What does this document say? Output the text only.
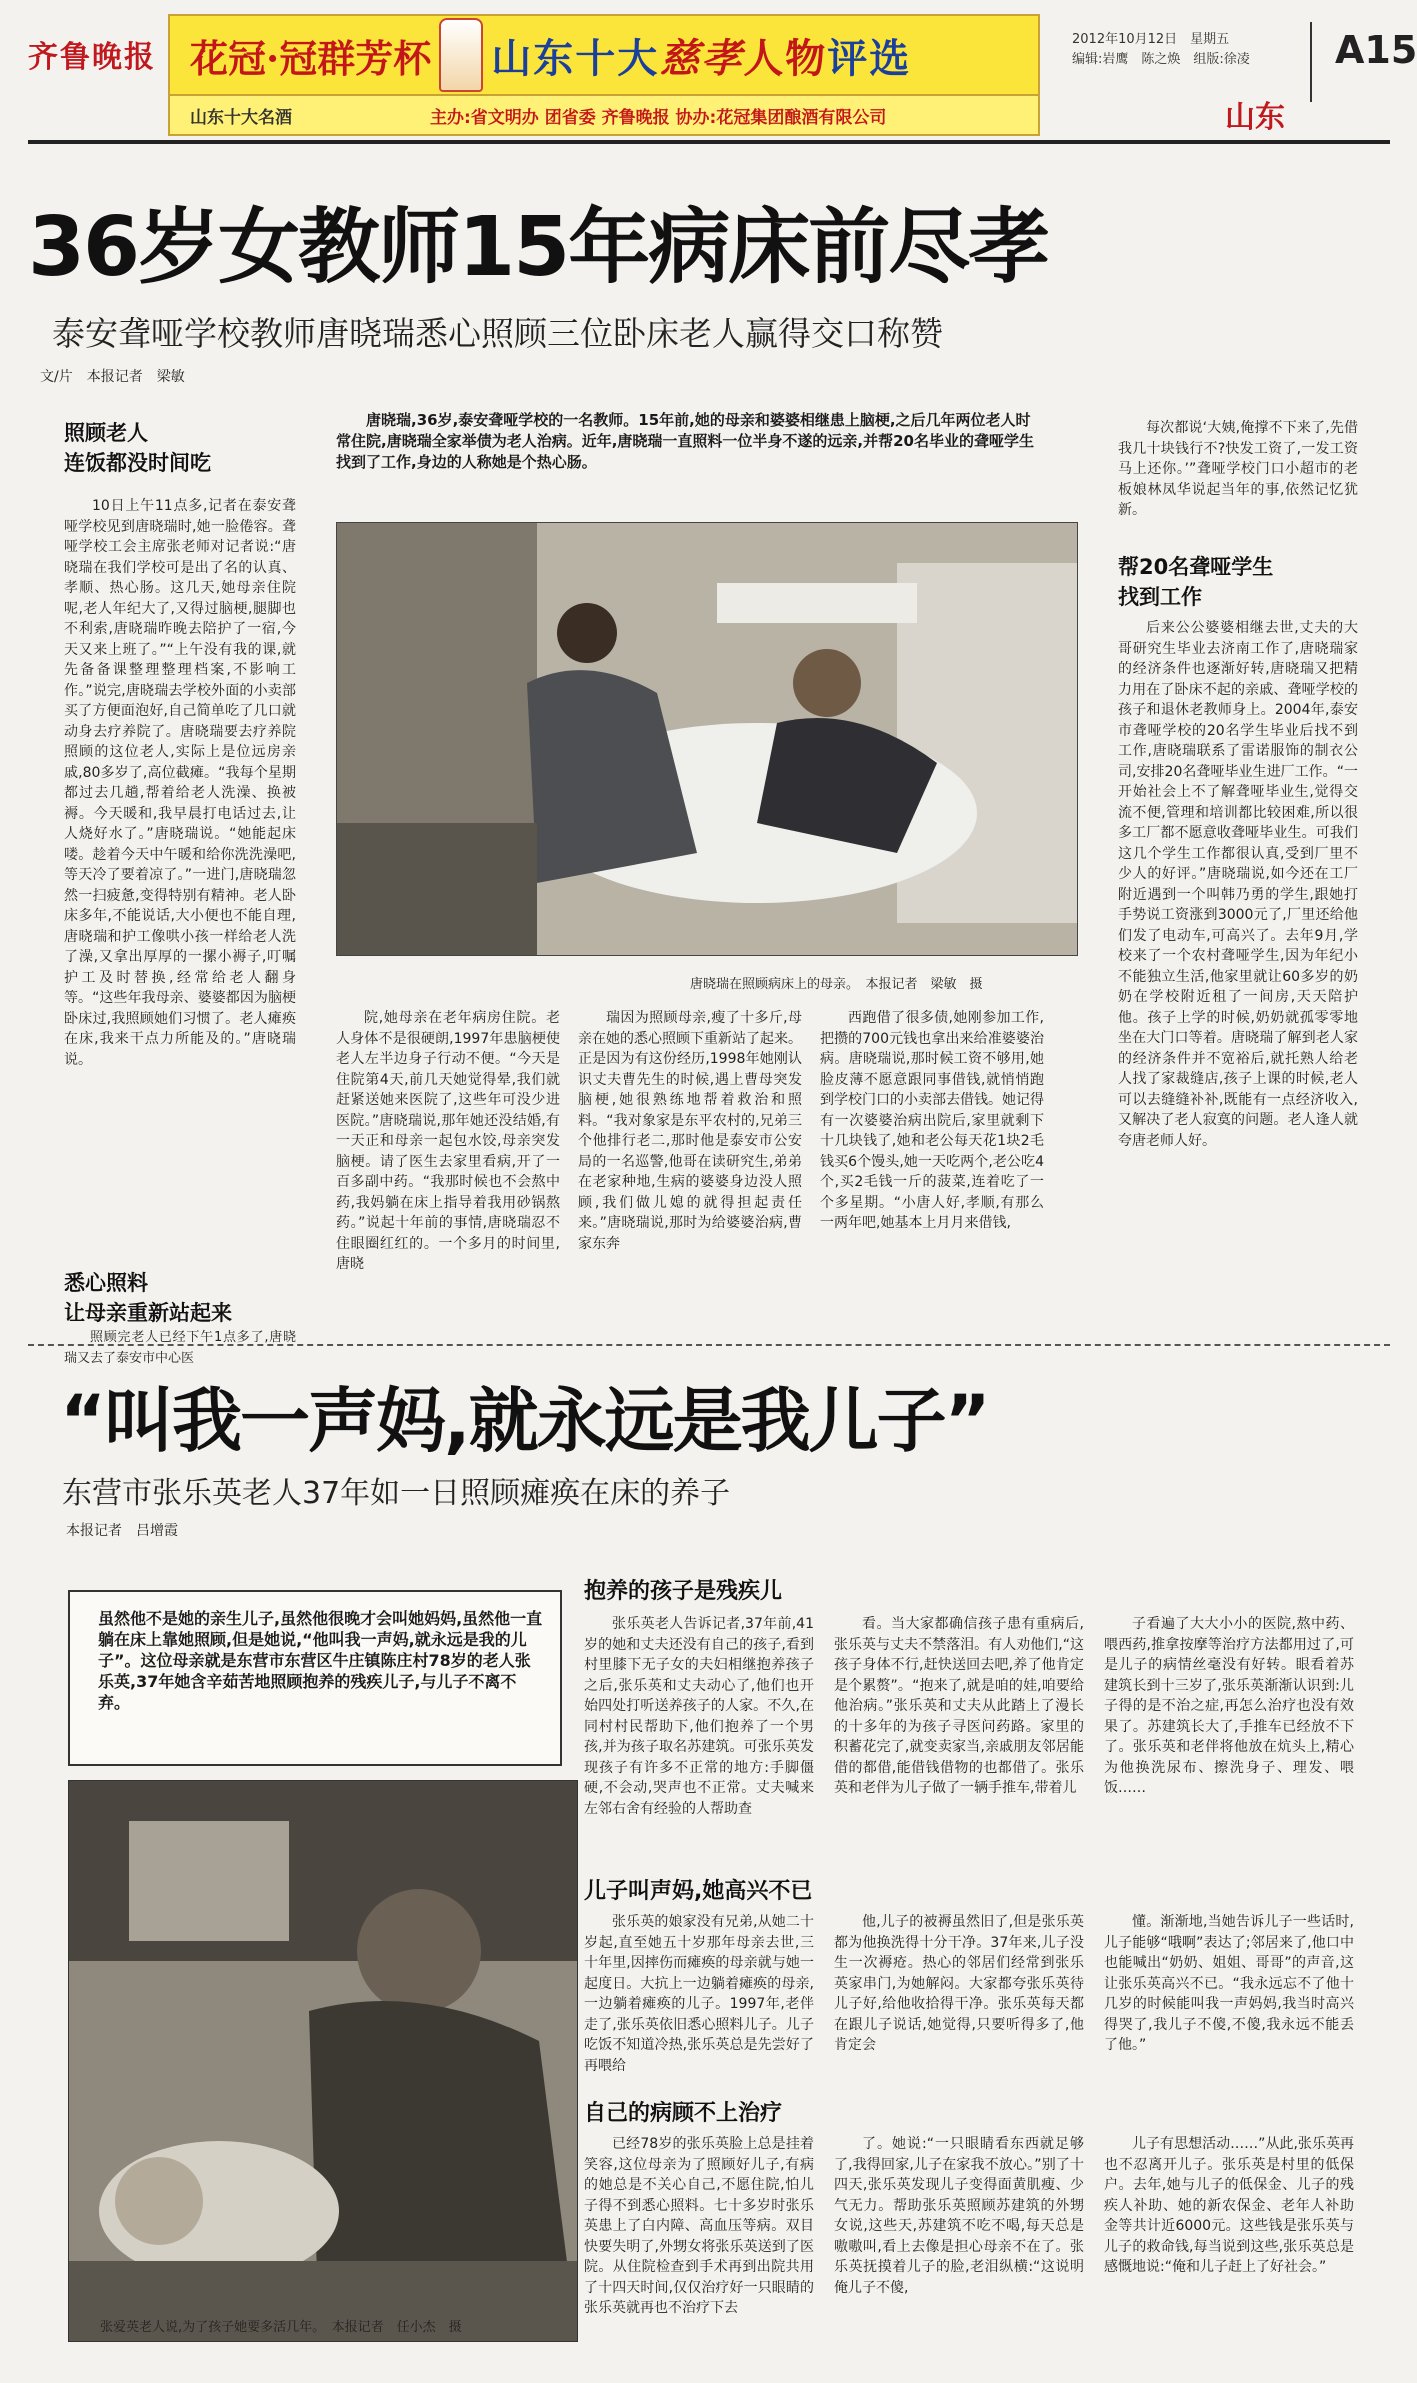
齐鲁晚报 花冠·冠群芳杯 山东十大慈孝人物评选
山东十大名酒	主办:省文明办 团省委 齐鲁晚报 协办:花冠集团酿酒有限公司
2012年10月12日　星期五
编辑:岩鹰　陈之焕　组版:徐凌 A15
山东
36岁女教师15年病床前尽孝
泰安聋哑学校教师唐晓瑞悉心照顾三位卧床老人赢得交口称赞
文/片　本报记者　梁敏
照顾老人
连饭都没时间吃

10日上午11点多,记者在泰安聋哑学校见到唐晓瑞时,她一脸倦容。聋哑学校工会主席张老师对记者说:“唐晓瑞在我们学校可是出了名的认真、孝顺、热心肠。这几天,她母亲住院呢,老人年纪大了,又得过脑梗,腿脚也不利索,唐晓瑞昨晚去陪护了一宿,今天又来上班了。”“上午没有我的课,就先备备课整理整理档案,不影响工作。”说完,唐晓瑞去学校外面的小卖部买了方便面泡好,自己简单吃了几口就动身去疗养院了。唐晓瑞要去疗养院照顾的这位老人,实际上是位远房亲戚,80多岁了,高位截瘫。“我每个星期都过去几趟,帮着给老人洗澡、换被褥。今天暖和,我早晨打电话过去,让人烧好水了。”唐晓瑞说。“她能起床喽。趁着今天中午暖和给你洗洗澡吧,等天冷了要着凉了。”一进门,唐晓瑞忽然一扫疲惫,变得特别有精神。老人卧床多年,不能说话,大小便也不能自理,唐晓瑞和护工像哄小孩一样给老人洗了澡,又拿出厚厚的一摞小褥子,叮嘱护工及时替换,经常给老人翻身等。“这些年我母亲、婆婆都因为脑梗卧床过,我照顾她们习惯了。老人瘫痪在床,我来干点力所能及的。”唐晓瑞说。

悉心照料
让母亲重新站起来

照顾完老人已经下午1点多了,唐晓瑞又去了泰安市中心医

唐晓瑞,36岁,泰安聋哑学校的一名教师。15年前,她的母亲和婆婆相继患上脑梗,之后几年两位老人时常住院,唐晓瑞全家举债为老人治病。近年,唐晓瑞一直照料一位半身不遂的远亲,并帮20名毕业的聋哑学生找到了工作,身边的人称她是个热心肠。

唐晓瑞在照顾病床上的母亲。　本报记者　梁敏　摄

院,她母亲在老年病房住院。老人身体不是很硬朗,1997年患脑梗使老人左半边身子行动不便。“今天是住院第4天,前几天她觉得晕,我们就赶紧送她来医院了,这些年可没少进医院。”唐晓瑞说,那年她还没结婚,有一天正和母亲一起包水饺,母亲突发脑梗。请了医生去家里看病,开了一百多副中药。“我那时候也不会熬中药,我妈躺在床上指导着我用砂锅熬药。”说起十年前的事情,唐晓瑞忍不住眼圈红红的。一个多月的时间里,唐晓

瑞因为照顾母亲,瘦了十多斤,母亲在她的悉心照顾下重新站了起来。正是因为有这份经历,1998年她刚认识丈夫曹先生的时候,遇上曹母突发脑梗,她很熟练地帮着救治和照料。“我对象家是东平农村的,兄弟三个他排行老二,那时他是泰安市公安局的一名巡警,他哥在读研究生,弟弟在老家种地,生病的婆婆身边没人照顾,我们做儿媳的就得担起责任来。”唐晓瑞说,那时为给婆婆治病,曹家东奔

西跑借了很多债,她刚参加工作,把攒的700元钱也拿出来给准婆婆治病。唐晓瑞说,那时候工资不够用,她脸皮薄不愿意跟同事借钱,就悄悄跑到学校门口的小卖部去借钱。她记得有一次婆婆治病出院后,家里就剩下十几块钱了,她和老公每天花1块2毛钱买6个馒头,她一天吃两个,老公吃4个,买2毛钱一斤的菠菜,连着吃了一个多星期。“小唐人好,孝顺,有那么一两年吧,她基本上月月来借钱,

每次都说‘大姨,俺撑不下来了,先借我几十块钱行不?快发工资了,一发工资马上还你。’”聋哑学校门口小超市的老板娘林凤华说起当年的事,依然记忆犹新。

帮20名聋哑学生
找到工作

后来公公婆婆相继去世,丈夫的大哥研究生毕业去济南工作了,唐晓瑞家的经济条件也逐渐好转,唐晓瑞又把精力用在了卧床不起的亲戚、聋哑学校的孩子和退休老教师身上。2004年,泰安市聋哑学校的20名学生毕业后找不到工作,唐晓瑞联系了雷诺服饰的制衣公司,安排20名聋哑毕业生进厂工作。“一开始社会上不了解聋哑毕业生,觉得交流不便,管理和培训都比较困难,所以很多工厂都不愿意收聋哑毕业生。可我们这几个学生工作都很认真,受到厂里不少人的好评。”唐晓瑞说,如今还在工厂附近遇到一个叫韩乃勇的学生,跟她打手势说工资涨到3000元了,厂里还给他们发了电动车,可高兴了。去年9月,学校来了一个农村聋哑学生,因为年纪小不能独立生活,他家里就让60多岁的奶奶在学校附近租了一间房,天天陪护他。孩子上学的时候,奶奶就孤零零地坐在大门口等着。唐晓瑞了解到老人家的经济条件并不宽裕后,就托熟人给老人找了家裁缝店,孩子上课的时候,老人可以去缝缝补补,既能有一点经济收入,又解决了老人寂寞的问题。老人逢人就夸唐老师人好。

“叫我一声妈,就永远是我儿子”
东营市张乐英老人37年如一日照顾瘫痪在床的养子
本报记者　吕增霞
虽然他不是她的亲生儿子,虽然他很晚才会叫她妈妈,虽然他一直躺在床上靠她照顾,但是她说,“他叫我一声妈,就永远是我的儿子”。这位母亲就是东营市东营区牛庄镇陈庄村78岁的老人张乐英,37年她含辛茹苦地照顾抱养的残疾儿子,与儿子不离不弃。
张爱英老人说,为了孩子她要多活几年。　本报记者　任小杰　摄
抱养的孩子是残疾儿

张乐英老人告诉记者,37年前,41岁的她和丈夫还没有自己的孩子,看到村里膝下无子女的夫妇相继抱养孩子之后,张乐英和丈夫动心了,他们也开始四处打听送养孩子的人家。不久,在同村村民帮助下,他们抱养了一个男孩,并为孩子取名苏建筑。可张乐英发现孩子有许多不正常的地方:手脚僵硬,不会动,哭声也不正常。丈夫喊来左邻右舍有经验的人帮助查

看。当大家都确信孩子患有重病后,张乐英与丈夫不禁落泪。有人劝他们,“这孩子身体不行,赶快送回去吧,养了他肯定是个累赘”。“抱来了,就是咱的娃,咱要给他治病。”张乐英和丈夫从此踏上了漫长的十多年的为孩子寻医问药路。家里的积蓄花完了,就变卖家当,亲戚朋友邻居能借的都借,能借钱借物的也都借了。张乐英和老伴为儿子做了一辆手推车,带着儿

子看遍了大大小小的医院,熬中药、喂西药,推拿按摩等治疗方法都用过了,可是儿子的病情丝毫没有好转。眼看着苏建筑长到十三岁了,张乐英渐渐认识到:儿子得的是不治之症,再怎么治疗也没有效果了。苏建筑长大了,手推车已经放不下了。张乐英和老伴将他放在炕头上,精心为他换洗尿布、擦洗身子、理发、喂饭……

儿子叫声妈,她高兴不已

张乐英的娘家没有兄弟,从她二十岁起,直至她五十岁那年母亲去世,三十年里,因摔伤而瘫痪的母亲就与她一起度日。大抗上一边躺着瘫痪的母亲,一边躺着瘫痪的儿子。1997年,老伴走了,张乐英依旧悉心照料儿子。儿子吃饭不知道冷热,张乐英总是先尝好了再喂给

他,儿子的被褥虽然旧了,但是张乐英都为他换洗得十分干净。37年来,儿子没生一次褥疮。热心的邻居们经常到张乐英家串门,为她解闷。大家都夸张乐英待儿子好,给他收拾得干净。张乐英每天都在跟儿子说话,她觉得,只要听得多了,他肯定会

懂。渐渐地,当她告诉儿子一些话时,儿子能够“哦啊”表达了;邻居来了,他口中也能喊出“奶奶、姐姐、哥哥”的声音,这让张乐英高兴不已。“我永远忘不了他十几岁的时候能叫我一声妈妈,我当时高兴得哭了,我儿子不傻,不傻,我永远不能丢了他。”

自己的病顾不上治疗

已经78岁的张乐英脸上总是挂着笑容,这位母亲为了照顾好儿子,有病的她总是不关心自己,不愿住院,怕儿子得不到悉心照料。七十多岁时张乐英患上了白内障、高血压等病。双目快要失明了,外甥女将张乐英送到了医院。从住院检查到手术再到出院共用了十四天时间,仅仅治疗好一只眼睛的张乐英就再也不治疗下去

了。她说:“一只眼睛看东西就足够了,我得回家,儿子在家我不放心。”别了十四天,张乐英发现儿子变得面黄肌瘦、少气无力。帮助张乐英照顾苏建筑的外甥女说,这些天,苏建筑不吃不喝,每天总是嗷嗷叫,看上去像是担心母亲不在了。张乐英抚摸着儿子的脸,老泪纵横:“这说明俺儿子不傻,

儿子有思想活动……”从此,张乐英再也不忍离开儿子。张乐英是村里的低保户。去年,她与儿子的低保金、儿子的残疾人补助、她的新农保金、老年人补助金等共计近6000元。这些钱是张乐英与儿子的救命钱,每当说到这些,张乐英总是感慨地说:“俺和儿子赶上了好社会。”
